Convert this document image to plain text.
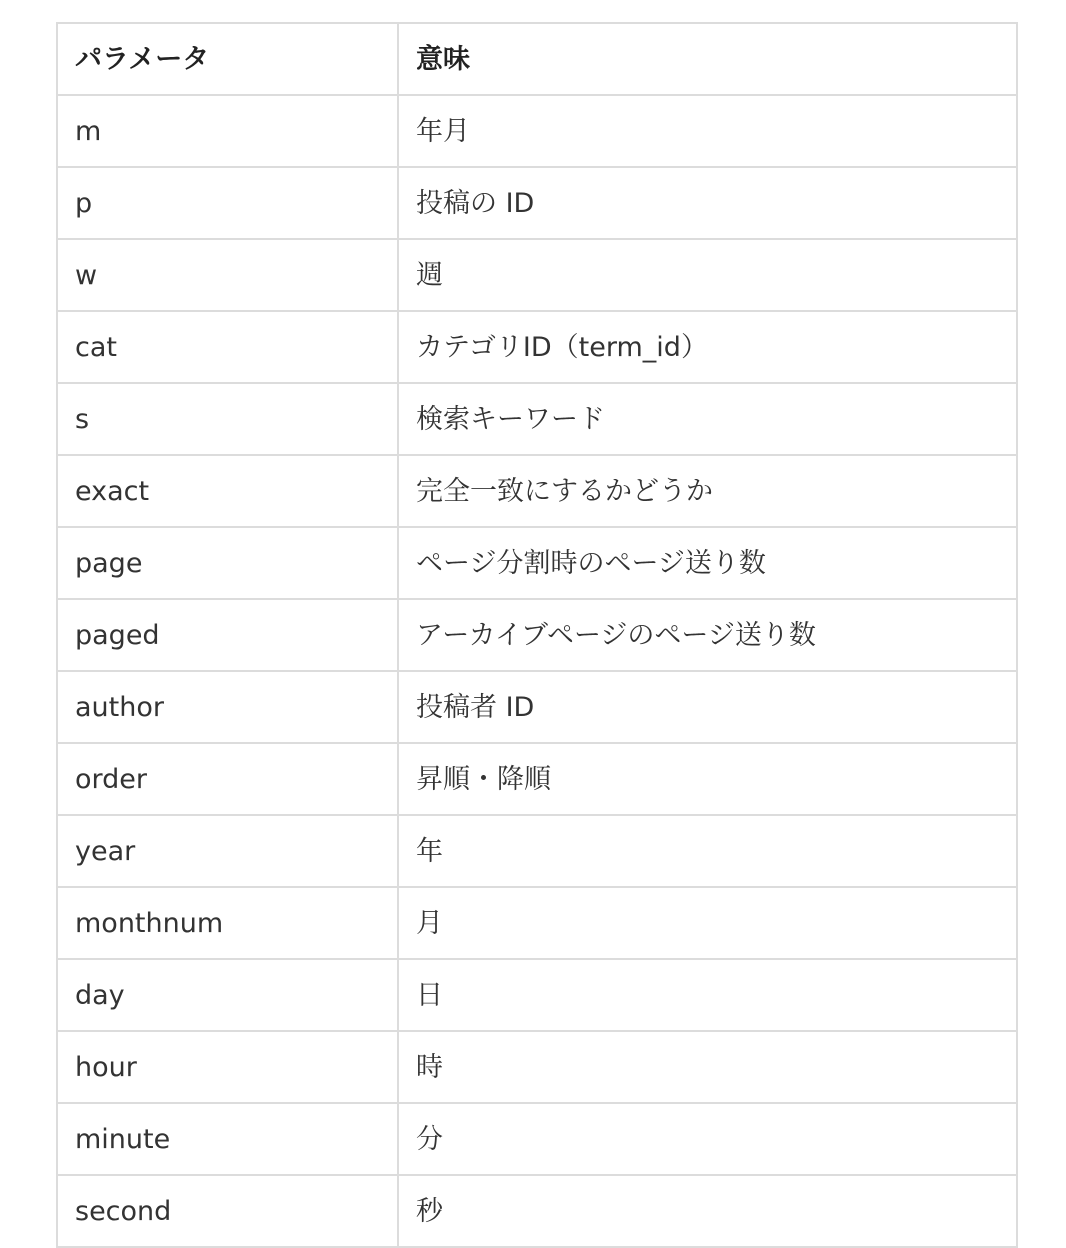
パラメータ	意味
m	年月
p	投稿の ID
w	週
cat	カテゴリID（term_id）
s	検索キーワード
exact	完全一致にするかどうか
page	ページ分割時のページ送り数
paged	アーカイブページのページ送り数
author	投稿者 ID
order	昇順・降順
year	年
monthnum	月
day	日
hour	時
minute	分
second	秒
